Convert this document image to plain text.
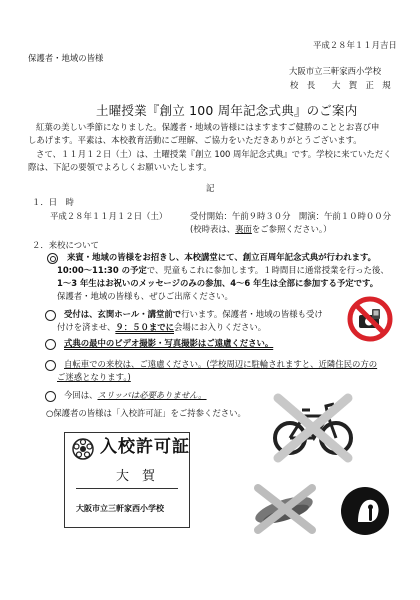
平成２８年１１月吉日
保護者・地域の皆様
大阪市立三軒家西小学校
校　長 大　賀　正　規
土曜授業『創立 100 周年記念式典』のご案内
紅葉の美しい季節になりました。保護者・地域の皆様にはますますご健勝のこととお喜び申
しあげます。平素は、本校教育活動にご理解、ご協力をいただきありがとうございます。
さて、１１月１２日（土）は、土曜授業『創立 100 周年記念式典』です。学校に来ていただく
際は、下記の要領でよろしくお願いいたします。
記
１．日　時
平成２８年１１月１２日（土）	受付開始：午前９時３０分　開演：午前１０時００分
(校時表は、裏面をご参照ください。）
２．来校について
来賓・地域の皆様をお招きし、本校講堂にて、創立百周年記念式典が行われます。
10:00～11:30 の予定で、児童もこれに参加します。１時間目に通常授業を行った後、
1～3 年生はお祝いのメッセージのみの参加、4～6 年生は全部に参加する予定です。
保護者・地域の皆様も、ぜひご出席ください。
受付は、玄関ホール・講堂前で行います。保護者・地域の皆様も受け
付けを済ませ、９：５０までに会場にお入りください。
式典の最中のビデオ撮影・写真撮影はご遠慮ください。
自転車での来校は、ご遠慮ください。(学校周辺に駐輪されますと、近隣住民の方の
ご迷惑となります。)
今回は、スリッパは必要ありません。
○保護者の皆様は「入校許可証」をご持参ください。
入校許可証
大　賀
大阪市立三軒家西小学校
